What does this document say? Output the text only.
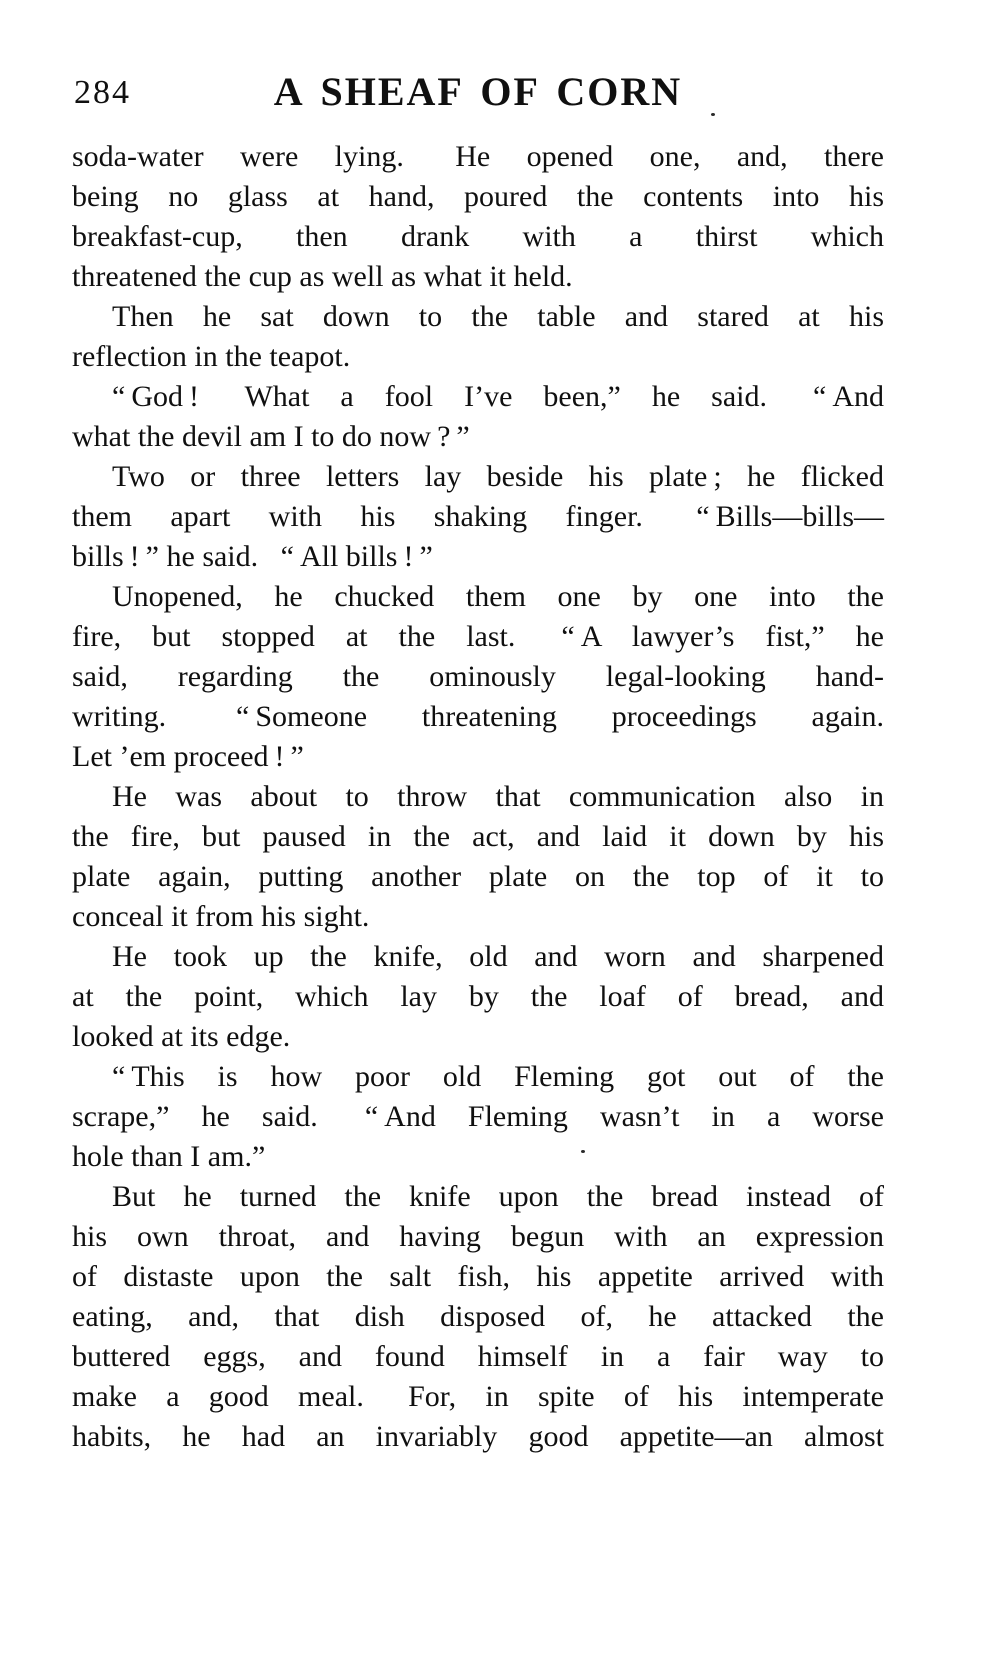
284	A SHEAF OF CORN
soda-water were lying.  He opened one, and, there
being no glass at hand, poured the contents into his
breakfast-cup, then drank with a thirst which
threatened the cup as well as what it held.
Then he sat down to the table and stared at his
reflection in the teapot.
“ God !  What a fool I’ve been,” he said.  “ And
what the devil am I to do now ? ”
Two or three letters lay beside his plate ; he flicked
them apart with his shaking finger.  “ Bills—bills—
bills ! ” he said.  “ All bills ! ”
Unopened, he chucked them one by one into the
fire, but stopped at the last.  “ A lawyer’s fist,” he
said, regarding the ominously legal-looking hand-
writing.  “ Someone threatening proceedings again.
Let ’em proceed ! ”
He was about to throw that communication also in
the fire, but paused in the act, and laid it down by his
plate again, putting another plate on the top of it to
conceal it from his sight.
He took up the knife, old and worn and sharpened
at the point, which lay by the loaf of bread, and
looked at its edge.
“ This is how poor old Fleming got out of the
scrape,” he said.  “ And Fleming wasn’t in a worse
hole than I am.”
But he turned the knife upon the bread instead of
his own throat, and having begun with an expression
of distaste upon the salt fish, his appetite arrived with
eating, and, that dish disposed of, he attacked the
buttered eggs, and found himself in a fair way to
make a good meal.  For, in spite of his intemperate
habits, he had an invariably good appetite—an almost
